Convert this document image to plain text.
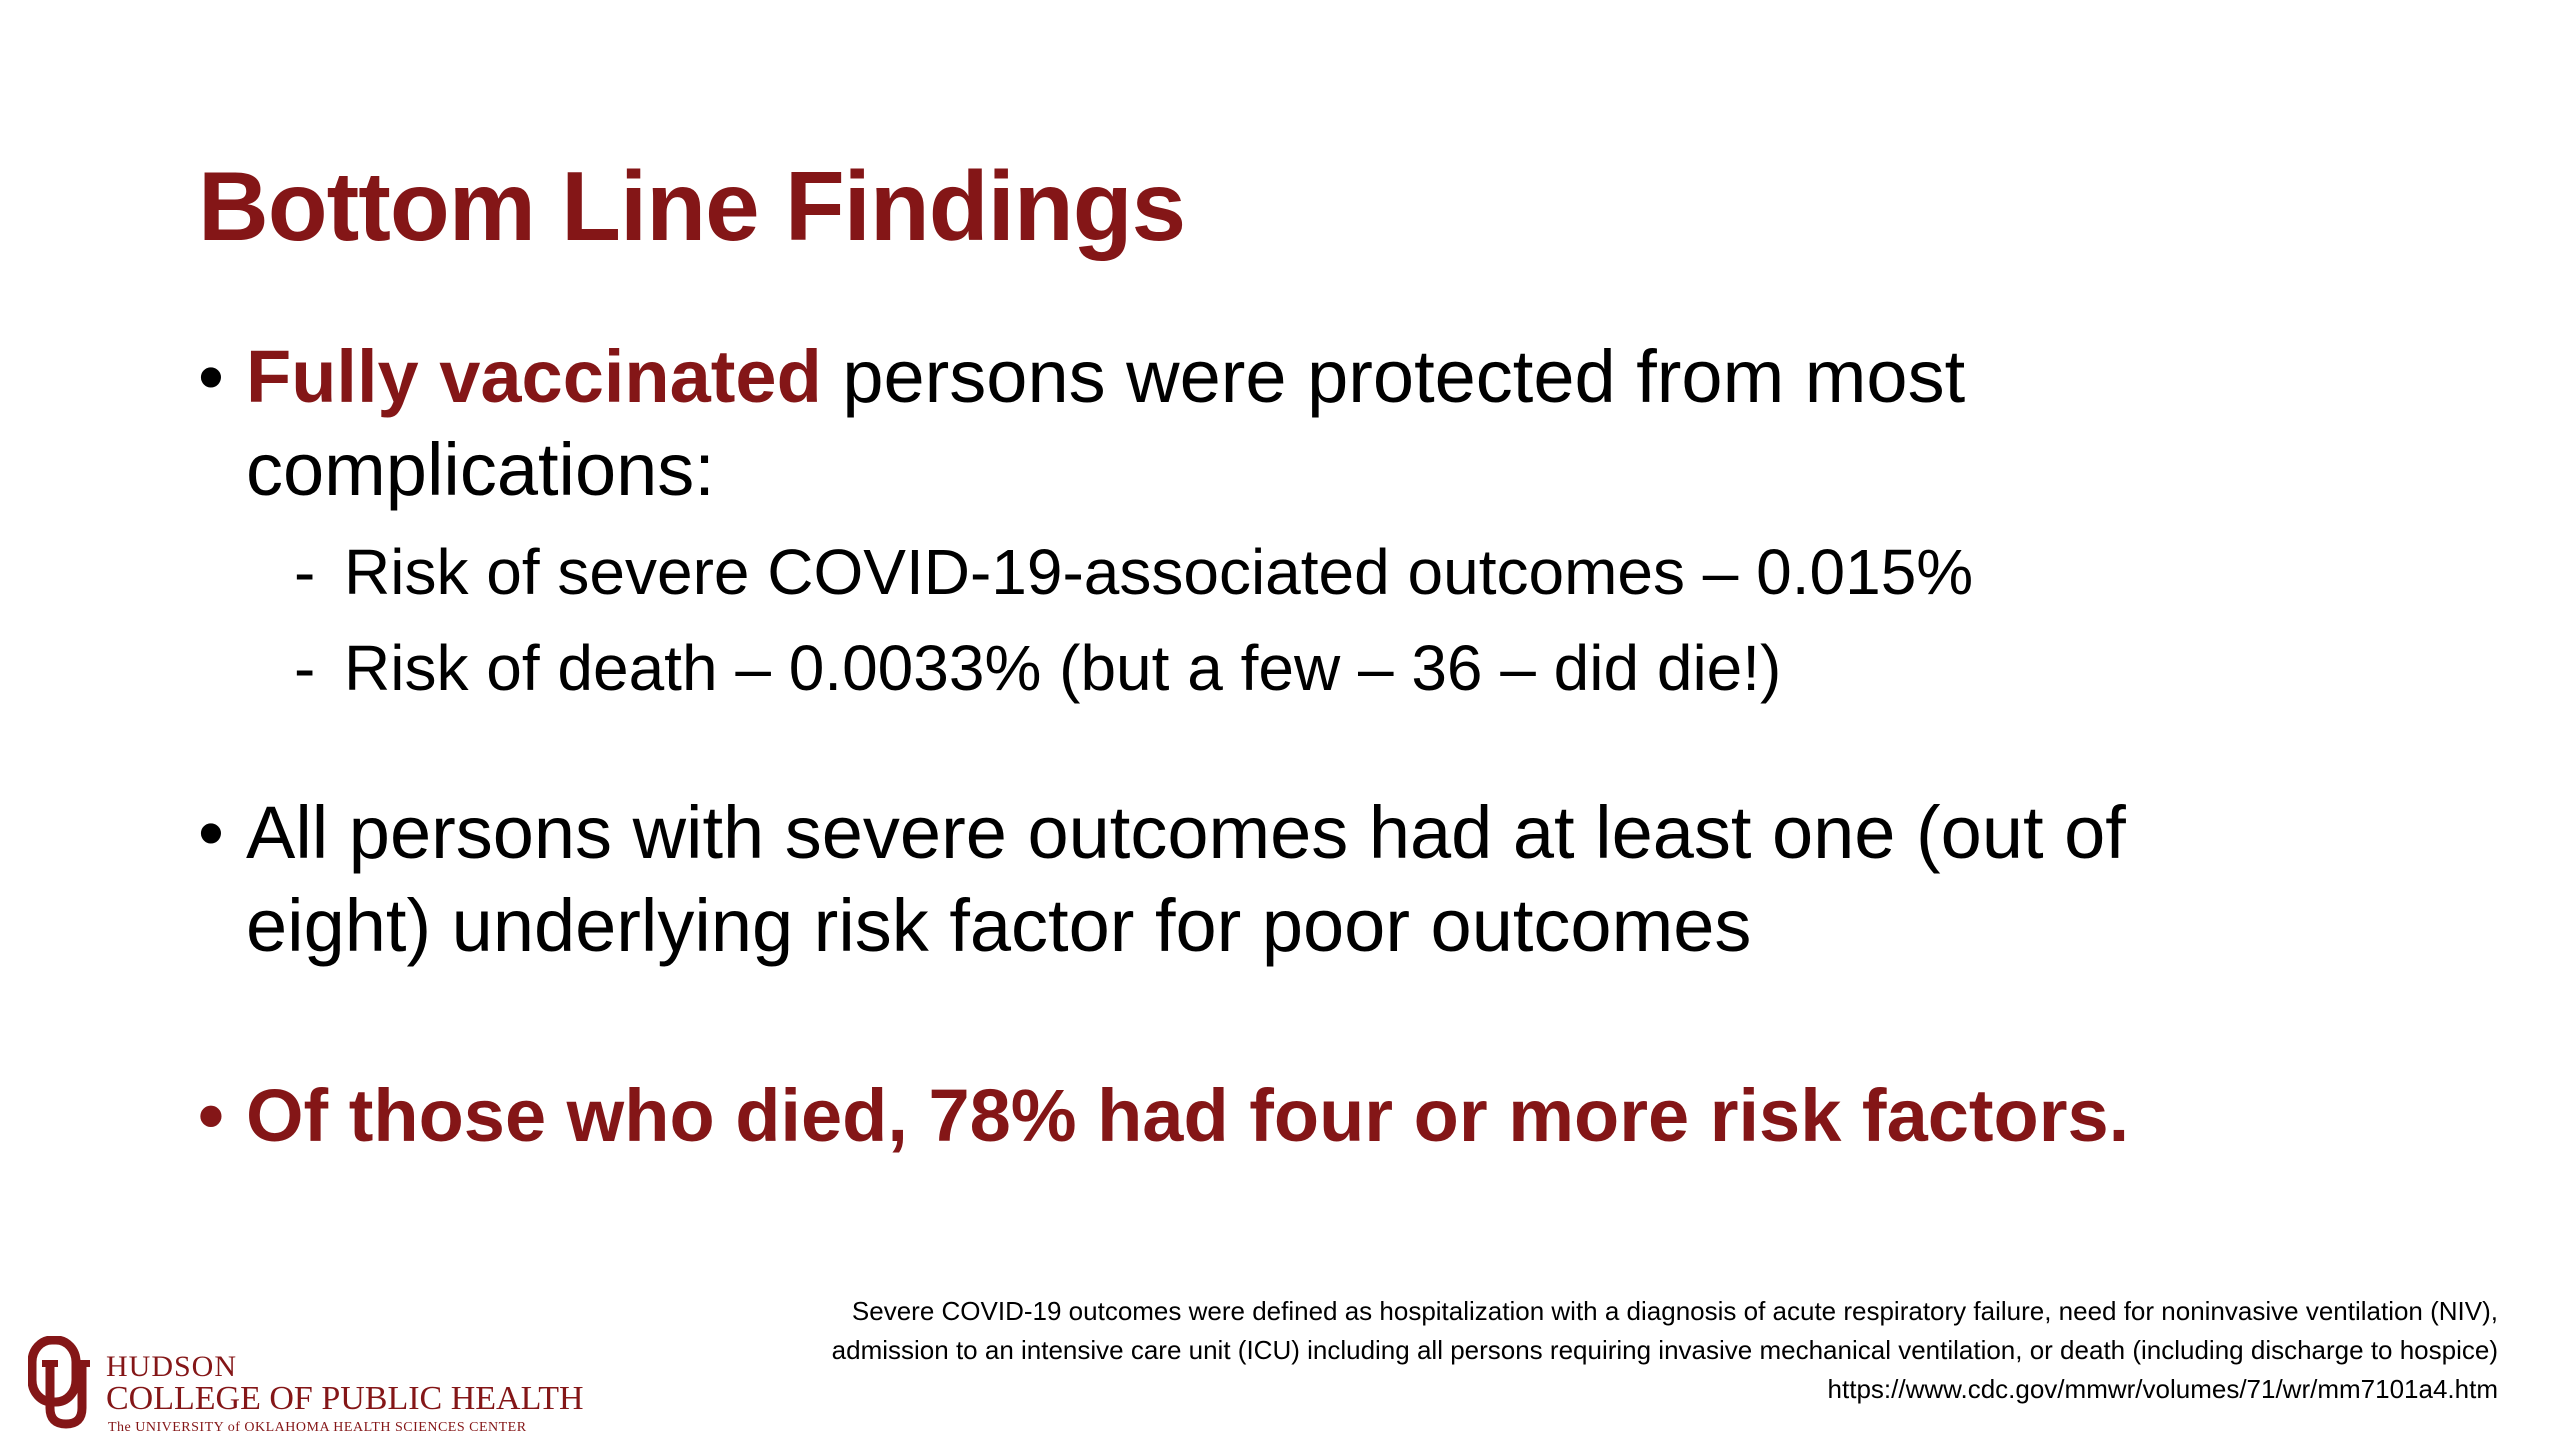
Bottom Line Findings
• Fully vaccinated persons were protected from most
complications:
- Risk of severe COVID-19-associated outcomes – 0.015%
- Risk of death – 0.0033% (but a few – 36 – did die!)
• All persons with severe outcomes had at least one (out of
eight) underlying risk factor for poor outcomes
• Of those who died, 78% had four or more risk factors.
Severe COVID-19 outcomes were defined as hospitalization with a diagnosis of acute respiratory failure, need for noninvasive ventilation (NIV),
admission to an intensive care unit (ICU) including all persons requiring invasive mechanical ventilation, or death (including discharge to hospice)
https://www.cdc.gov/mmwr/volumes/71/wr/mm7101a4.htm
HUDSON
COLLEGE OF PUBLIC HEALTH
The UNIVERSITY of OKLAHOMA HEALTH SCIENCES CENTER
